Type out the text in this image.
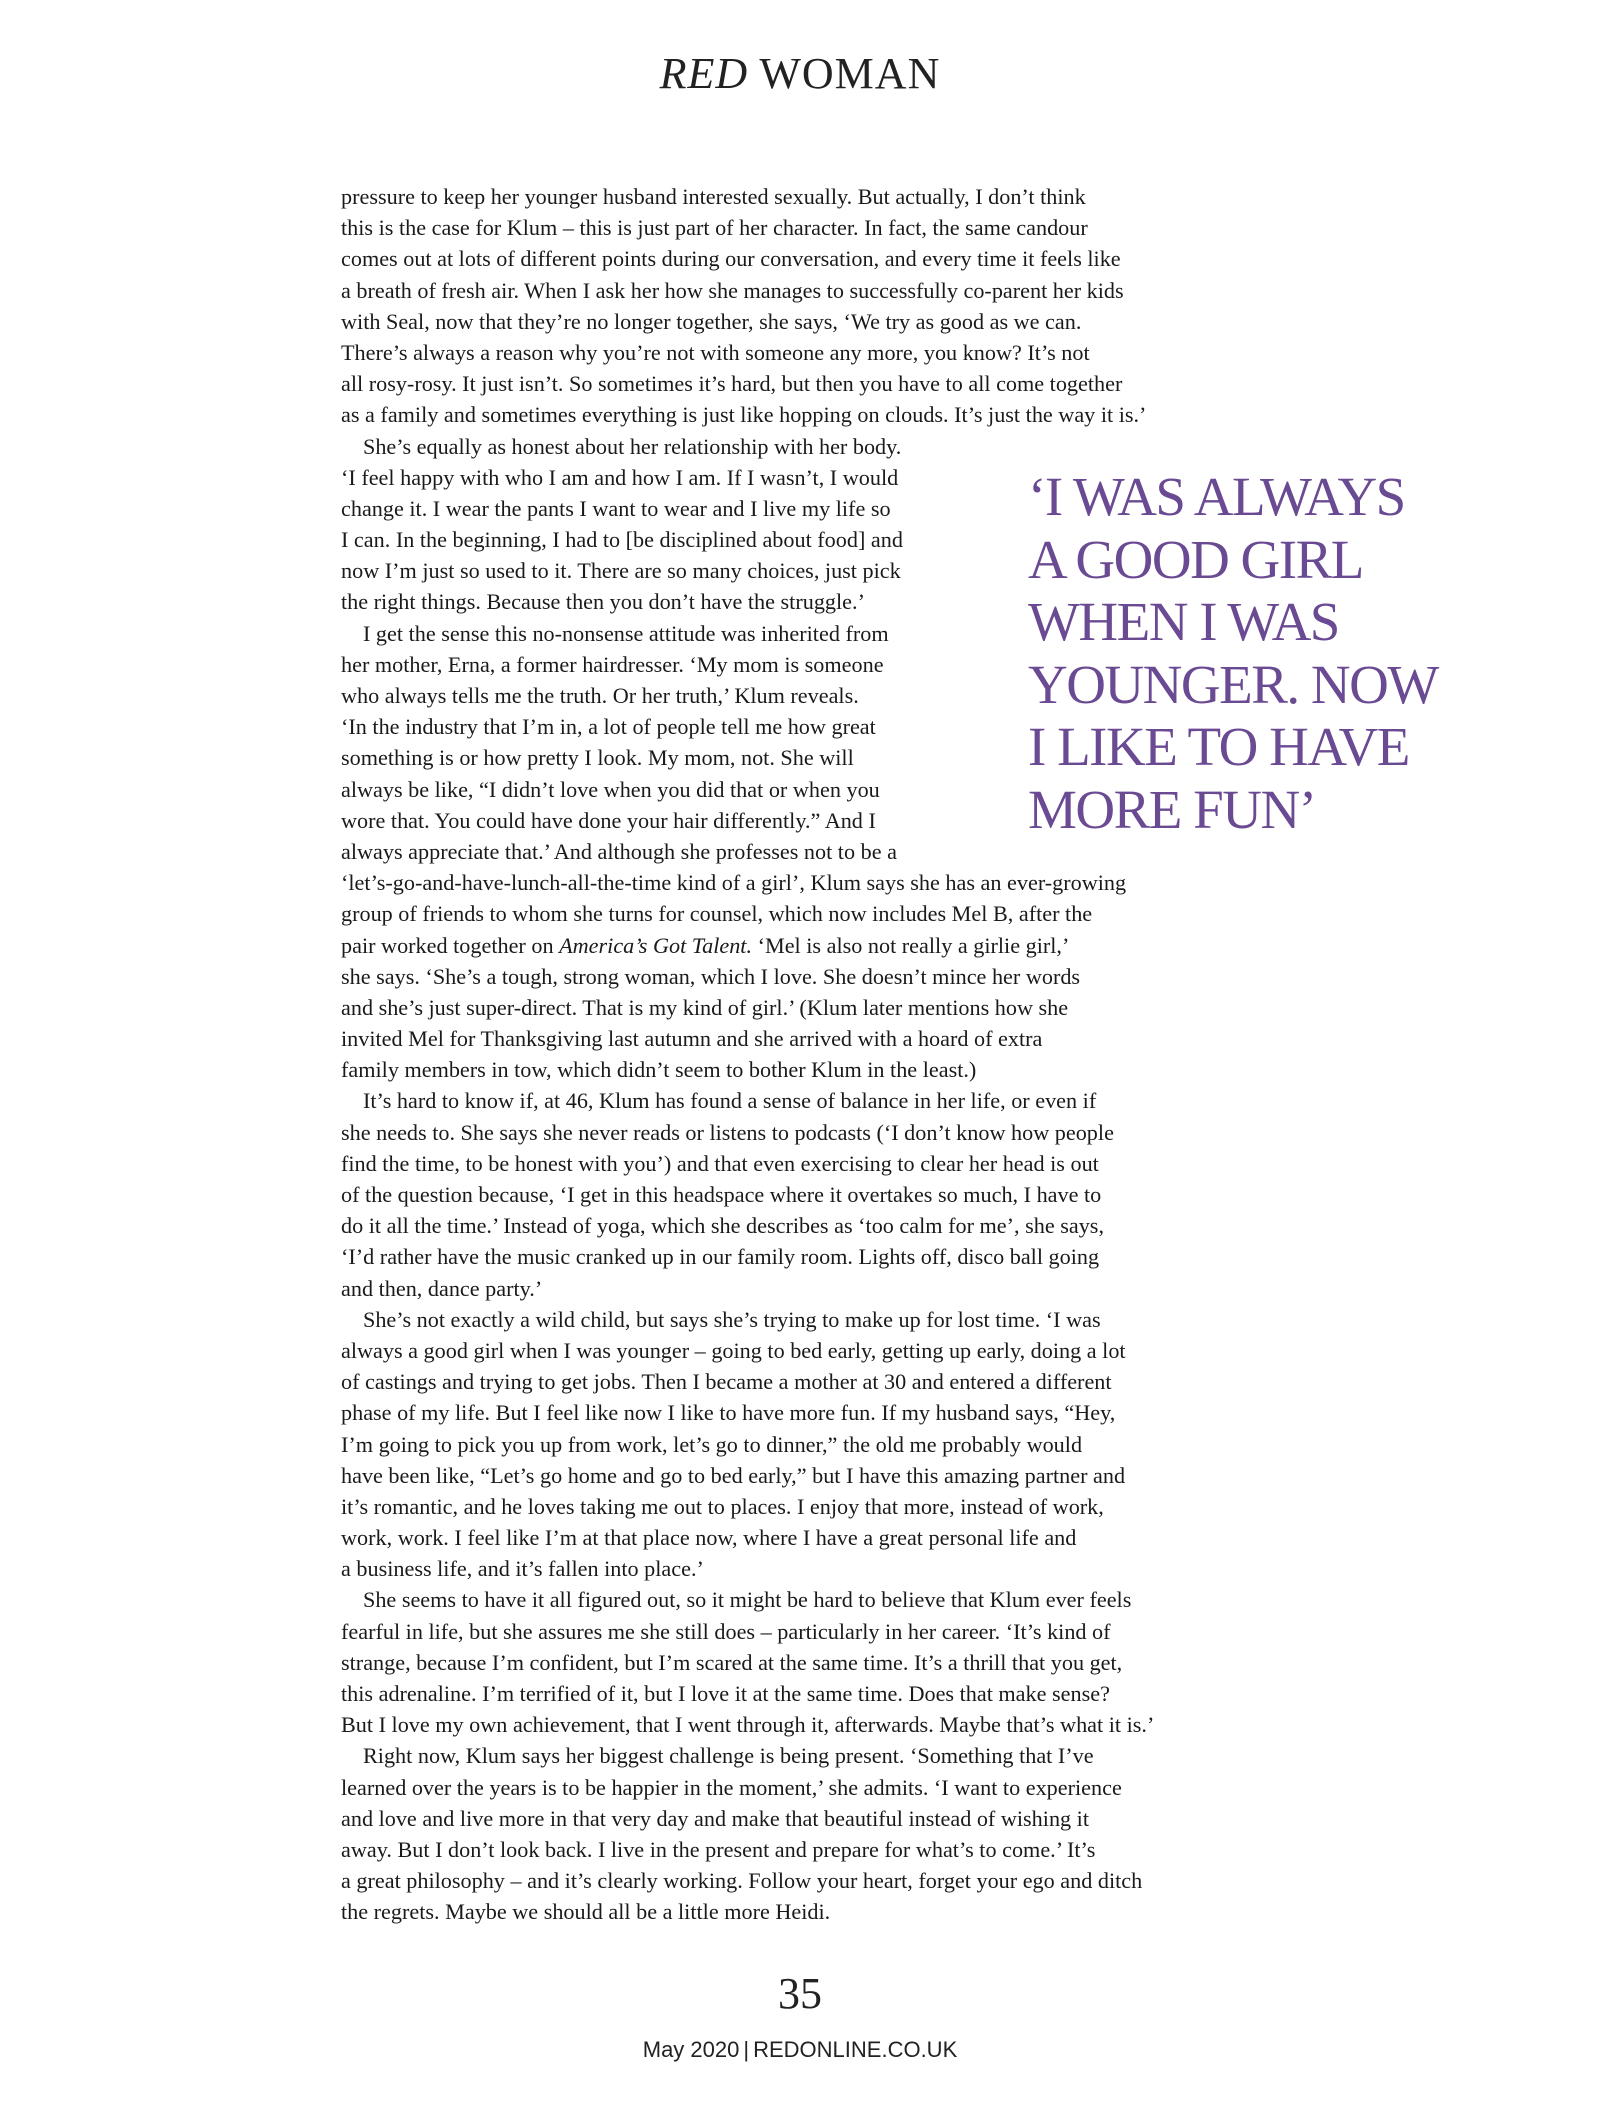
RED WOMAN
pressure to keep her younger husband interested sexually. But actually, I don’t think
this is the case for Klum – this is just part of her character. In fact, the same candour
comes out at lots of different points during our conversation, and every time it feels like
a breath of fresh air. When I ask her how she manages to successfully co-parent her kids
with Seal, now that they’re no longer together, she says, ‘We try as good as we can.
There’s always a reason why you’re not with someone any more, you know? It’s not
all rosy-rosy. It just isn’t. So sometimes it’s hard, but then you have to all come together
as a family and sometimes everything is just like hopping on clouds. It’s just the way it is.’
She’s equally as honest about her relationship with her body.
‘I feel happy with who I am and how I am. If I wasn’t, I would
change it. I wear the pants I want to wear and I live my life so
I can. In the beginning, I had to [be disciplined about food] and
now I’m just so used to it. There are so many choices, just pick
the right things. Because then you don’t have the struggle.’
I get the sense this no-nonsense attitude was inherited from
her mother, Erna, a former hairdresser. ‘My mom is someone
who always tells me the truth. Or her truth,’ Klum reveals.
‘In the industry that I’m in, a lot of people tell me how great
something is or how pretty I look. My mom, not. She will
always be like, “I didn’t love when you did that or when you
wore that. You could have done your hair differently.” And I
always appreciate that.’ And although she professes not to be a
‘let’s-go-and-have-lunch-all-the-time kind of a girl’, Klum says she has an ever-growing
group of friends to whom she turns for counsel, which now includes Mel B, after the
pair worked together on America’s Got Talent. ‘Mel is also not really a girlie girl,’
she says. ‘She’s a tough, strong woman, which I love. She doesn’t mince her words
and she’s just super-direct. That is my kind of girl.’ (Klum later mentions how she
invited Mel for Thanksgiving last autumn and she arrived with a hoard of extra
family members in tow, which didn’t seem to bother Klum in the least.)
It’s hard to know if, at 46, Klum has found a sense of balance in her life, or even if
she needs to. She says she never reads or listens to podcasts (‘I don’t know how people
find the time, to be honest with you’) and that even exercising to clear her head is out
of the question because, ‘I get in this headspace where it overtakes so much, I have to
do it all the time.’ Instead of yoga, which she describes as ‘too calm for me’, she says,
‘I’d rather have the music cranked up in our family room. Lights off, disco ball going
and then, dance party.’
She’s not exactly a wild child, but says she’s trying to make up for lost time. ‘I was
always a good girl when I was younger – going to bed early, getting up early, doing a lot
of castings and trying to get jobs. Then I became a mother at 30 and entered a different
phase of my life. But I feel like now I like to have more fun. If my husband says, “Hey,
I’m going to pick you up from work, let’s go to dinner,” the old me probably would
have been like, “Let’s go home and go to bed early,” but I have this amazing partner and
it’s romantic, and he loves taking me out to places. I enjoy that more, instead of work,
work, work. I feel like I’m at that place now, where I have a great personal life and
a business life, and it’s fallen into place.’
She seems to have it all figured out, so it might be hard to believe that Klum ever feels
fearful in life, but she assures me she still does – particularly in her career. ‘It’s kind of
strange, because I’m confident, but I’m scared at the same time. It’s a thrill that you get,
this adrenaline. I’m terrified of it, but I love it at the same time. Does that make sense?
But I love my own achievement, that I went through it, afterwards. Maybe that’s what it is.’
Right now, Klum says her biggest challenge is being present. ‘Something that I’ve
learned over the years is to be happier in the moment,’ she admits. ‘I want to experience
and love and live more in that very day and make that beautiful instead of wishing it
away. But I don’t look back. I live in the present and prepare for what’s to come.’ It’s
a great philosophy – and it’s clearly working. Follow your heart, forget your ego and ditch
the regrets. Maybe we should all be a little more Heidi.
‘I WAS ALWAYS
A GOOD GIRL
WHEN I WAS
YOUNGER. NOW
I LIKE TO HAVE
MORE FUN’
35
May 2020 | REDONLINE.CO.UK
